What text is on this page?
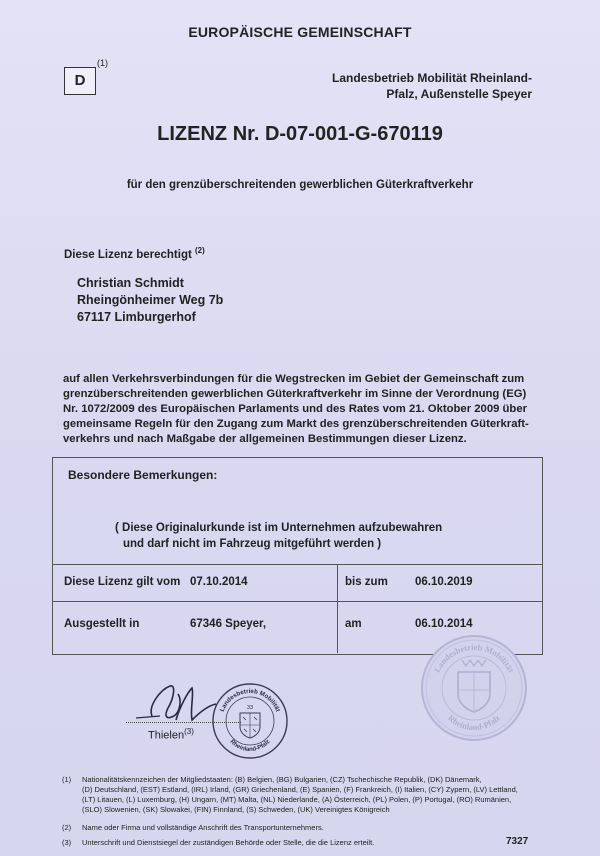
EUROPÄISCHE GEMEINSCHAFT
D
(1)
Landesbetrieb Mobilität Rheinland-
Pfalz, Außenstelle Speyer
LIZENZ Nr. D-07-001-G-670119
für den grenzüberschreitenden gewerblichen Güterkraftverkehr
Diese Lizenz berechtigt $^{(2)}$
Christian Schmidt
Rheingönheimer Weg 7b
67117 Limburgerhof
auf allen Verkehrsverbindungen für die Wegstrecken im Gebiet der Gemeinschaft zum
grenzüberschreitenden gewerblichen Güterkraftverkehr im Sinne der Verordnung (EG)
Nr. 1072/2009 des Europäischen Parlaments und des Rates vom 21. Oktober 2009 über
gemeinsame Regeln für den Zugang zum Markt des grenzüberschreitenden Güterkraft-
verkehrs und nach Maßgabe der allgemeinen Bestimmungen dieser Lizenz.
Besondere Bemerkungen:
( Diese Originalurkunde ist im Unternehmen aufzubewahren
und darf nicht im Fahrzeug mitgeführt werden )
Diese Lizenz gilt vom 07.10.2014	bis zum 06.10.2019
Ausgestellt in	67346 Speyer,	am	06.10.2014
Thielen$^{(3)}$
Landesbetrieb Mobilität
Rheinland-Pfalz
33
Landesbetrieb Mobilität
Rheinland-Pfalz
(1) Nationalitätskennzeichen der Mitgliedstaaten: (B) Belgien, (BG) Bulgarien, (CZ) Tschechische Republik, (DK) Dänemark,
(D) Deutschland, (EST) Estland, (IRL) Irland, (GR) Griechenland, (E) Spanien, (F) Frankreich, (I) Italien, (CY) Zypern, (LV) Lettland,
(LT) Litauen, (L) Luxemburg, (H) Ungarn, (MT) Malta, (NL) Niederlande, (A) Österreich, (PL) Polen, (P) Portugal, (RO) Rumänien,
(SLO) Slowenien, (SK) Slowakei, (FIN) Finnland, (S) Schweden, (UK) Vereinigtes Königreich
(2) Name oder Firma und vollständige Anschrift des Transportunternehmers.
(3) Unterschrift und Dienstsiegel der zuständigen Behörde oder Stelle, die die Lizenz erteilt.	7327
